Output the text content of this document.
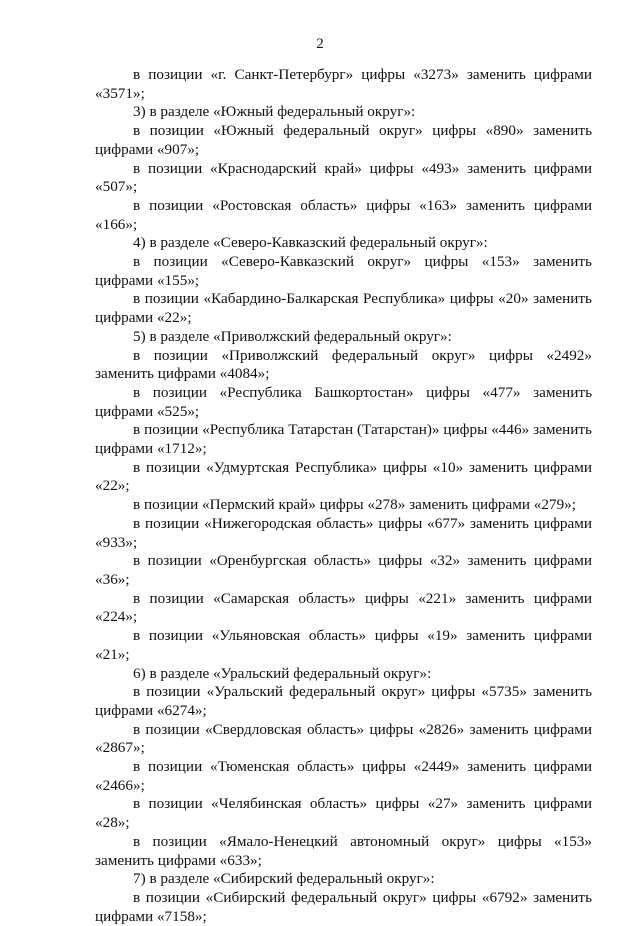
2

в позиции «г. Санкт-Петербург» цифры «3273» заменить цифрами «3571»;

3) в разделе «Южный федеральный округ»:

в позиции «Южный федеральный округ» цифры «890» заменить цифрами «907»;

в позиции «Краснодарский край» цифры «493» заменить цифрами «507»;

в позиции «Ростовская область» цифры «163» заменить цифрами «166»;

4) в разделе «Северо-Кавказский федеральный округ»:

в позиции «Северо-Кавказский округ» цифры «153» заменить цифрами «155»;

в позиции «Кабардино-Балкарская Республика» цифры «20» заменить цифрами «22»;

5) в разделе «Приволжский федеральный округ»:

в позиции «Приволжский федеральный округ» цифры «2492» заменить цифрами «4084»;

в позиции «Республика Башкортостан» цифры «477» заменить цифрами «525»;

в позиции «Республика Татарстан (Татарстан)» цифры «446» заменить цифрами «1712»;

в позиции «Удмуртская Республика» цифры «10» заменить цифрами «22»;

в позиции «Пермский край» цифры «278» заменить цифрами «279»;

в позиции «Нижегородская область» цифры «677» заменить цифрами «933»;

в позиции «Оренбургская область» цифры «32» заменить цифрами «36»;

в позиции «Самарская область» цифры «221» заменить цифрами «224»;

в позиции «Ульяновская область» цифры «19» заменить цифрами «21»;

6) в разделе «Уральский федеральный округ»:

в позиции «Уральский федеральный округ» цифры «5735» заменить цифрами «6274»;

в позиции «Свердловская область» цифры «2826» заменить цифрами «2867»;

в позиции «Тюменская область» цифры «2449» заменить цифрами «2466»;

в позиции «Челябинская область» цифры «27» заменить цифрами «28»;

в позиции «Ямало-Ненецкий автономный округ» цифры «153» заменить цифрами «633»;

7) в разделе «Сибирский федеральный округ»:

в позиции «Сибирский федеральный округ» цифры «6792» заменить цифрами «7158»;
